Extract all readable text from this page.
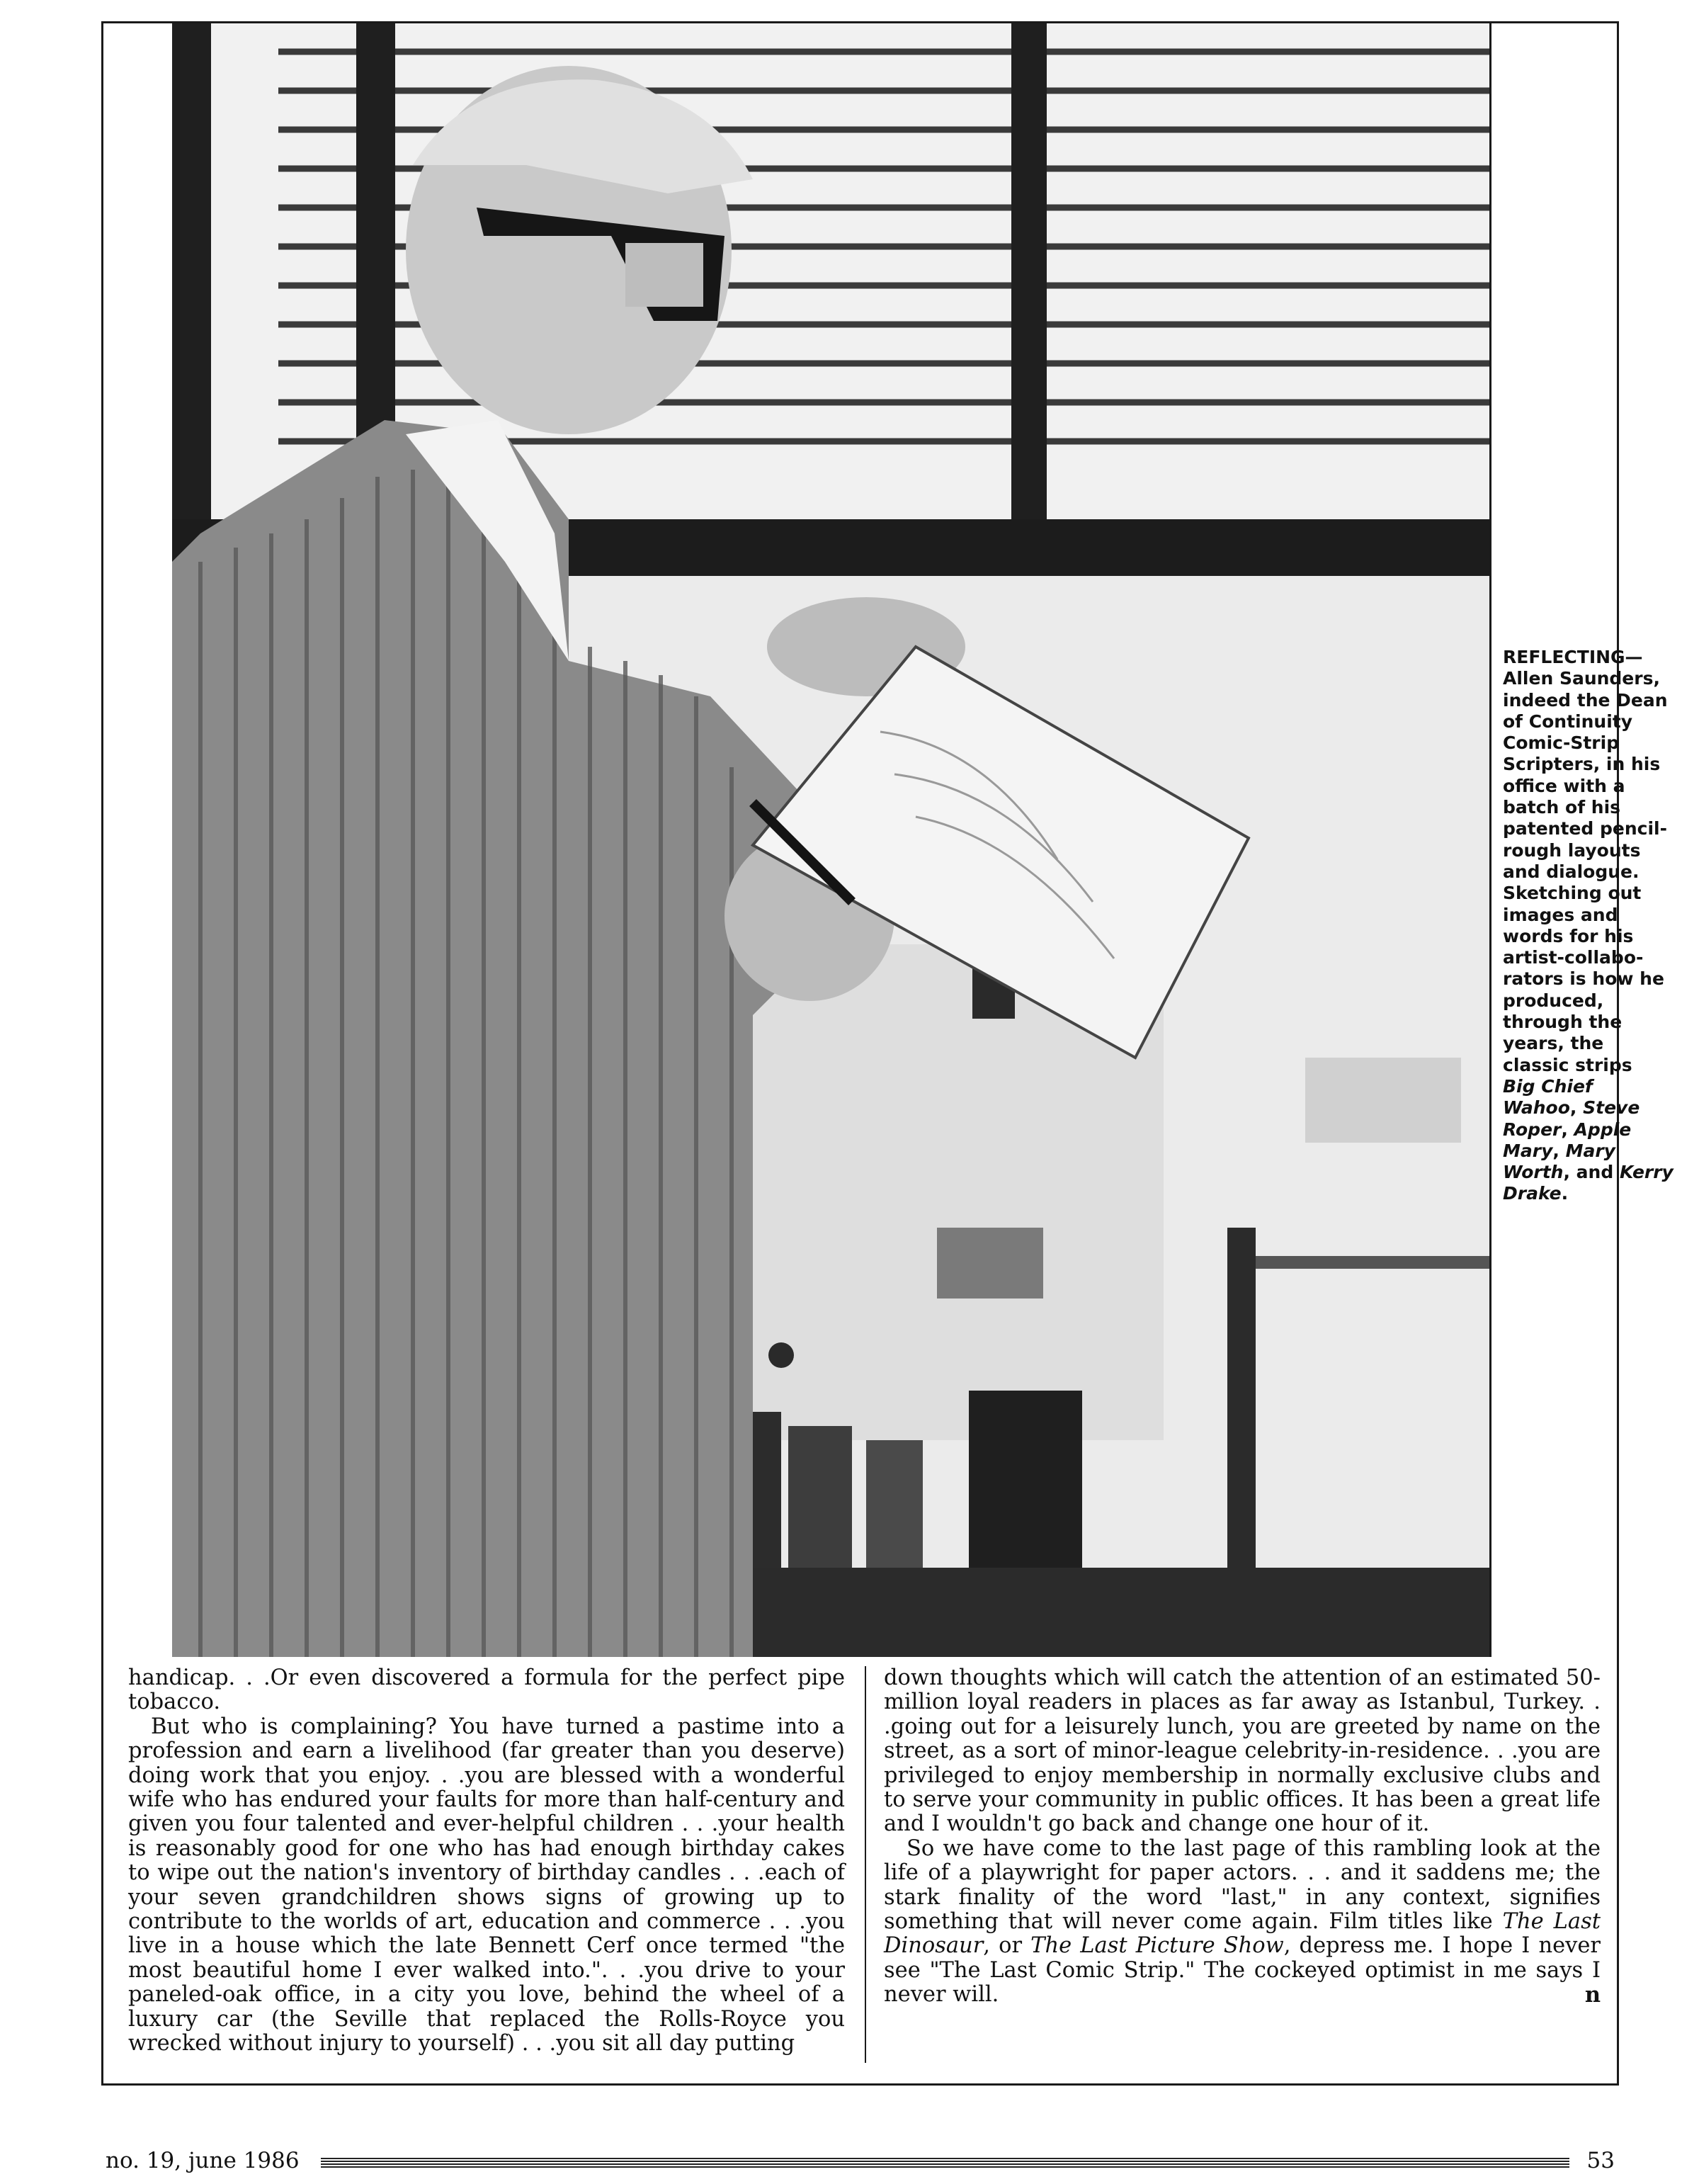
REFLECTING—
Allen Saunders,
indeed the Dean
of Continuity
Comic-Strip
Scripters, in his
office with a
batch of his
patented pencil-
rough layouts
and dialogue.
Sketching out
images and
words for his
artist-collabo-
rators is how he
produced,
through the
years, the
classic strips
Big Chief
Wahoo, Steve
Roper, Apple
Mary, Mary
Worth, and Kerry
Drake.

handicap. . .Or even discovered a formula for the perfect pipe tobacco.

But who is complaining? You have turned a pastime into a profession and earn a livelihood (far greater than you deserve) doing work that you enjoy. . .you are blessed with a wonderful wife who has endured your faults for more than half-century and given you four talented and ever-helpful children . . .your health is reasonably good for one who has had enough birthday cakes to wipe out the nation's inventory of birthday candles . . .each of your seven grandchildren shows signs of growing up to contribute to the worlds of art, education and commerce . . .you live in a house which the late Bennett Cerf once termed "the most beautiful home I ever walked into.". . .you drive to your paneled-oak office, in a city you love, behind the wheel of a luxury car (the Seville that replaced the Rolls-Royce you wrecked without injury to yourself) . . .you sit all day putting

down thoughts which will catch the attention of an estimated 50-million loyal readers in places as far away as Istanbul, Turkey. . .going out for a leisurely lunch, you are greeted by name on the street, as a sort of minor-league celebrity-in-residence. . .you are privileged to enjoy membership in normally exclusive clubs and to serve your community in public offices. It has been a great life and I wouldn't go back and change one hour of it.

So we have come to the last page of this rambling look at the life of a playwright for paper actors. . . and it saddens me; the stark finality of the word "last," in any context, signifies something that will never come again. Film titles like The Last Dinosaur, or The Last Picture Show, depress me. I hope I never see "The Last Comic Strip." The cockeyed optimist in me says I never will.	n

no. 19, june 1986	53
